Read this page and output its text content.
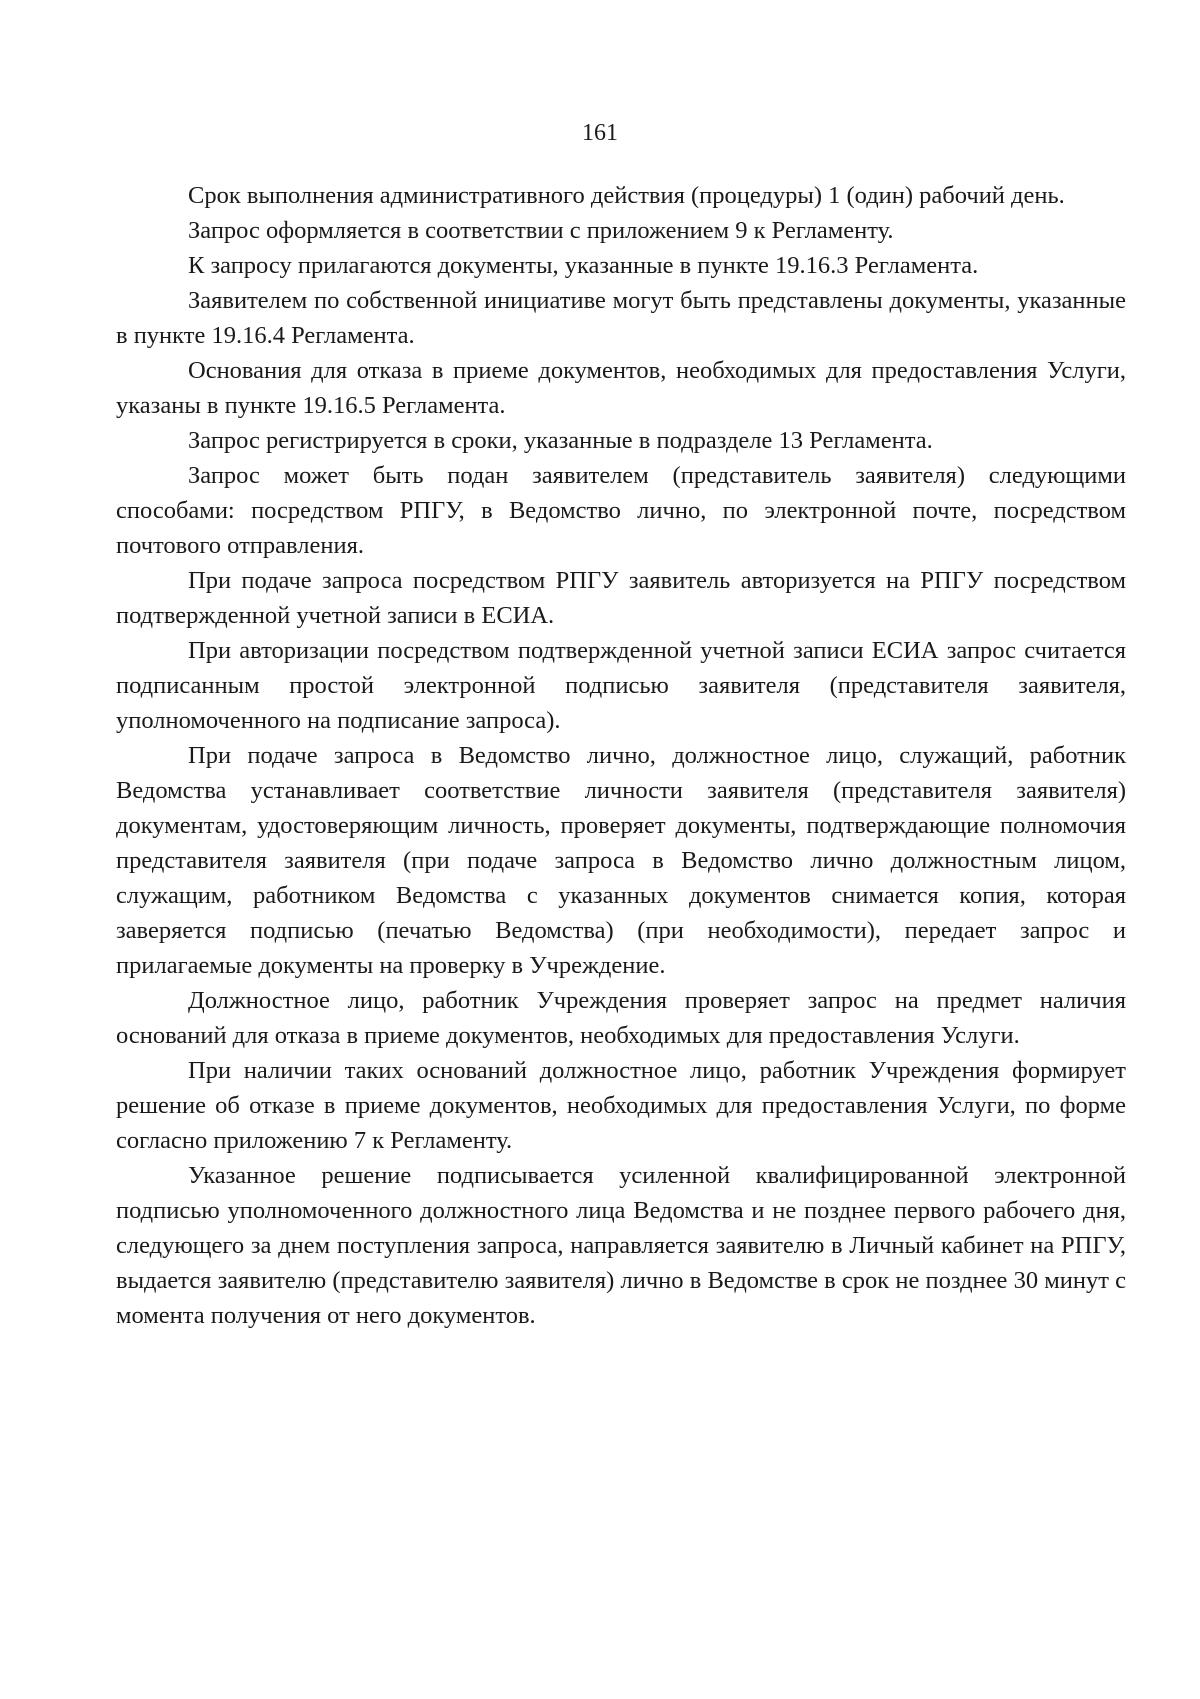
161

Срок выполнения административного действия (процедуры) 1 (один) рабочий день.

Запрос оформляется в соответствии с приложением 9 к Регламенту.

К запросу прилагаются документы, указанные в пункте 19.16.3 Регламента.

Заявителем по собственной инициативе могут быть представлены документы, указанные в пункте 19.16.4 Регламента.

Основания для отказа в приеме документов, необходимых для предоставления Услуги, указаны в пункте 19.16.5 Регламента.

Запрос регистрируется в сроки, указанные в подразделе 13 Регламента.

Запрос может быть подан заявителем (представитель заявителя) следующими способами: посредством РПГУ, в Ведомство лично, по электронной почте, посредством почтового отправления.

При подаче запроса посредством РПГУ заявитель авторизуется на РПГУ посредством подтвержденной учетной записи в ЕСИА.

При авторизации посредством подтвержденной учетной записи ЕСИА запрос считается подписанным простой электронной подписью заявителя (представителя заявителя, уполномоченного на подписание запроса).

При подаче запроса в Ведомство лично, должностное лицо, служащий, работник Ведомства устанавливает соответствие личности заявителя (представителя заявителя) документам, удостоверяющим личность, проверяет документы, подтверждающие полномочия представителя заявителя (при подаче запроса в Ведомство лично должностным лицом, служащим, работником Ведомства с указанных документов снимается копия, которая заверяется подписью (печатью Ведомства) (при необходимости), передает запрос и прилагаемые документы на проверку в Учреждение.

Должностное лицо, работник Учреждения проверяет запрос на предмет наличия оснований для отказа в приеме документов, необходимых для предоставления Услуги.

При наличии таких оснований должностное лицо, работник Учреждения формирует решение об отказе в приеме документов, необходимых для предоставления Услуги, по форме согласно приложению 7 к Регламенту.

Указанное решение подписывается усиленной квалифицированной электронной подписью уполномоченного должностного лица Ведомства и не позднее первого рабочего дня, следующего за днем поступления запроса, направляется заявителю в Личный кабинет на РПГУ, выдается заявителю (представителю заявителя) лично в Ведомстве в срок не позднее 30 минут с момента получения от него документов.
